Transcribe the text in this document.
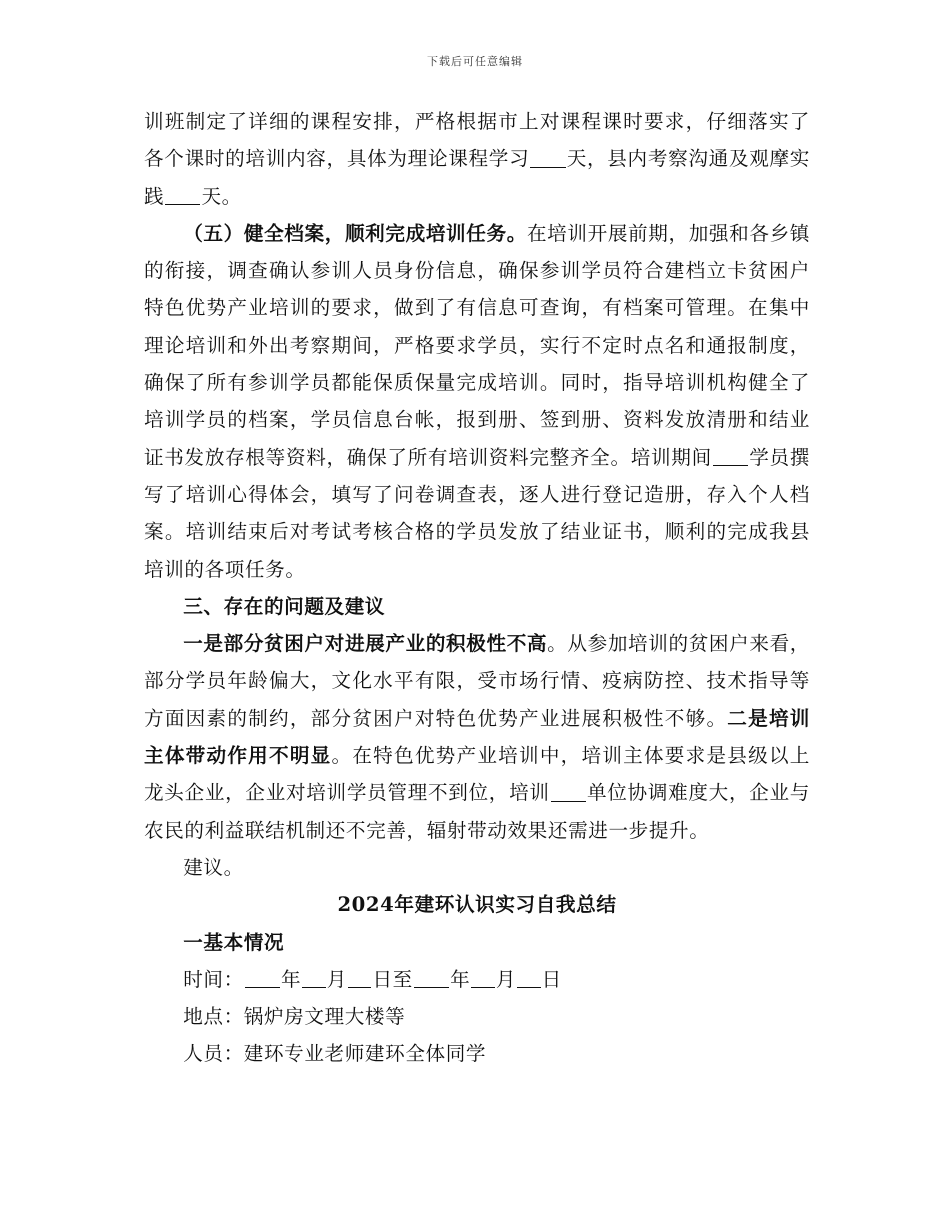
下载后可任意编辑

训班制定了详细的课程安排，严格根据市上对课程课时要求，仔细落实了各个课时的培训内容，具体为理论课程学习 天，县内考察沟通及观摩实践 天。

（五）健全档案，顺利完成培训任务。在培训开展前期，加强和各乡镇的衔接，调查确认参训人员身份信息，确保参训学员符合建档立卡贫困户特色优势产业培训的要求，做到了有信息可查询，有档案可管理。在集中理论培训和外出考察期间，严格要求学员，实行不定时点名和通报制度，确保了所有参训学员都能保质保量完成培训。同时，指导培训机构健全了培训学员的档案，学员信息台帐，报到册、签到册、资料发放清册和结业证书发放存根等资料，确保了所有培训资料完整齐全。培训期间 学员撰写了培训心得体会，填写了问卷调查表，逐人进行登记造册，存入个人档案。培训结束后对考试考核合格的学员发放了结业证书，顺利的完成我县培训的各项任务。

三、存在的问题及建议

一是部分贫困户对进展产业的积极性不高。从参加培训的贫困户来看，部分学员年龄偏大，文化水平有限，受市场行情、疫病防控、技术指导等方面因素的制约，部分贫困户对特色优势产业进展积极性不够。二是培训主体带动作用不明显。在特色优势产业培训中，培训主体要求是县级以上龙头企业，企业对培训学员管理不到位，培训 单位协调难度大，企业与农民的利益联结机制还不完善，辐射带动效果还需进一步提升。

建议。

2024年建环认识实习自我总结

一基本情况

时间： 年 月 日至 年 月 日

地点：锅炉房文理大楼等

人员：建环专业老师建环全体同学
